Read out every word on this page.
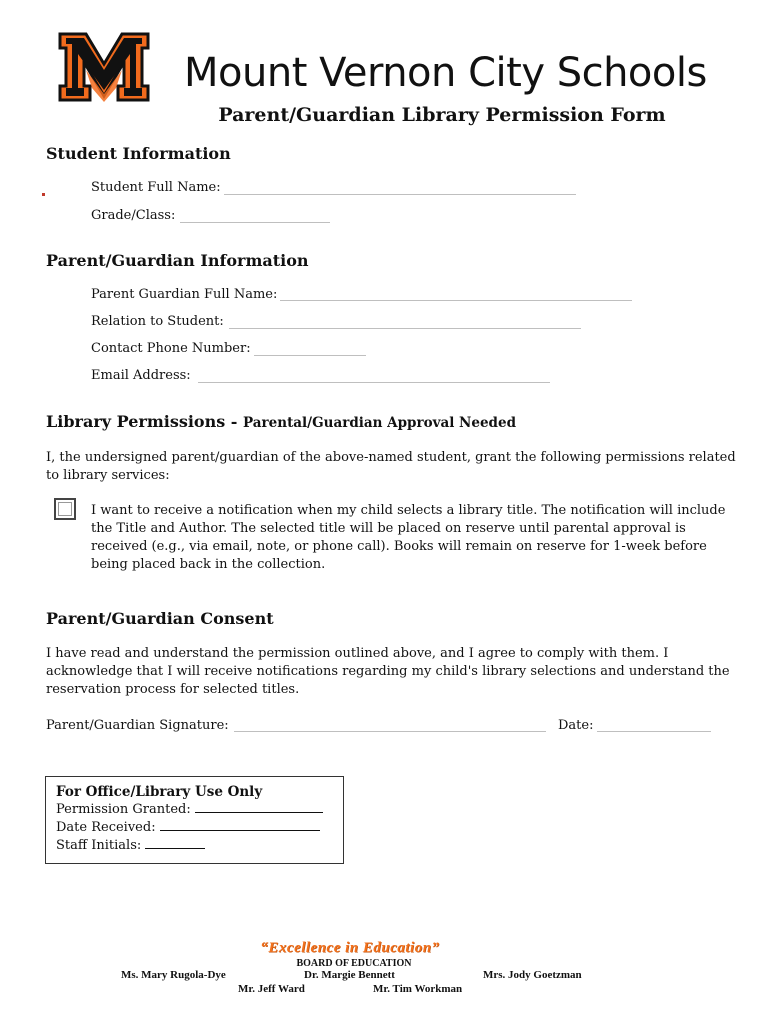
Mount Vernon City Schools
Parent/Guardian Library Permission Form
Student Information
Student Full Name:
Grade/Class:
Parent/Guardian Information
Parent Guardian Full Name:
Relation to Student:
Contact Phone Number:
Email Address:
Library Permissions - Parental/Guardian Approval Needed
I, the undersigned parent/guardian of the above-named student, grant the following permissions related to library services:
I want to receive a notification when my child selects a library title. The notification will include the Title and Author. The selected title will be placed on reserve until parental approval is received (e.g., via email, note, or phone call). Books will remain on reserve for 1-week before being placed back in the collection.
Parent/Guardian Consent
I have read and understand the permission outlined above, and I agree to comply with them. I acknowledge that I will receive notifications regarding my child's library selections and understand the reservation process for selected titles.
Parent/Guardian Signature:	Date:
For Office/Library Use Only
Permission Granted:
Date Received:
Staff Initials:
“Excellence in Education”
BOARD OF EDUCATION
Ms. Mary Rugola-Dye	Dr. Margie Bennett	Mrs. Jody Goetzman
Mr. Jeff Ward	Mr. Tim Workman
